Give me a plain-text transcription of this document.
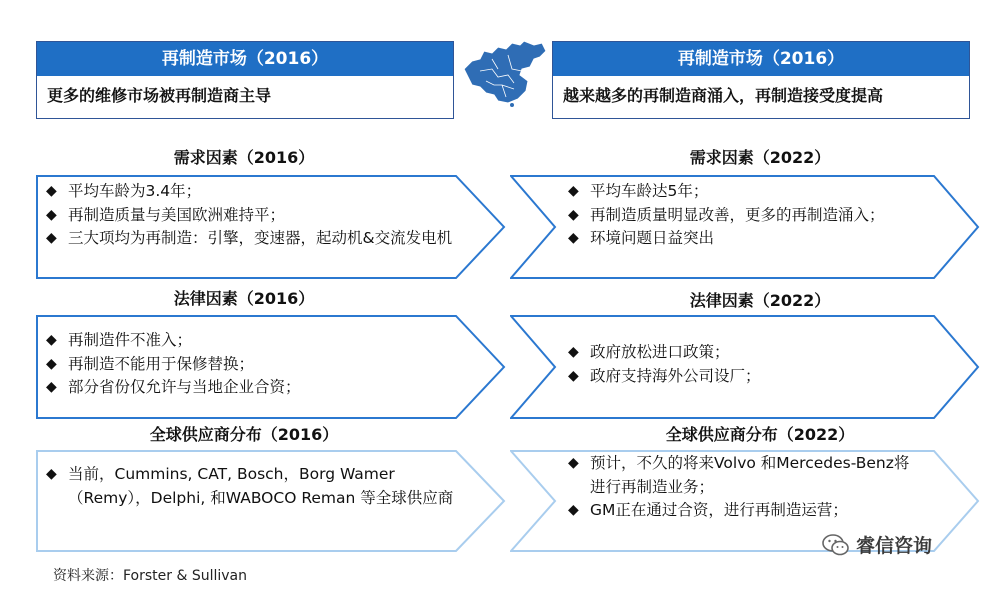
再制造市场（2016）
更多的维修市场被再制造商主导
再制造市场（2016）
越来越多的再制造商涌入，再制造接受度提高
需求因素（2016）
◆ 平均车龄为3.4年；
◆ 再制造质量与美国欧洲难持平；
◆ 三大项均为再制造：引擎，变速器，起动机&交流发电机
法律因素（2016）
◆ 再制造件不准入；
◆ 再制造不能用于保修替换；
◆ 部分省份仅允许与当地企业合资；
全球供应商分布（2016）
◆ 当前，Cummins, CAT, Bosch，Borg Wamer（Remy），Delphi, 和WABOCO Reman 等全球供应商
需求因素（2022）
◆ 平均车龄达5年；
◆ 再制造质量明显改善，更多的再制造涌入；
◆ 环境问题日益突出
法律因素（2022）
◆ 政府放松进口政策；
◆ 政府支持海外公司设厂；
全球供应商分布（2022）
◆ 预计，不久的将来Volvo 和Mercedes-Benz将进行再制造业务；
◆ GM正在通过合资，进行再制造运营；
资料来源：Forster & Sullivan
睿信咨询
